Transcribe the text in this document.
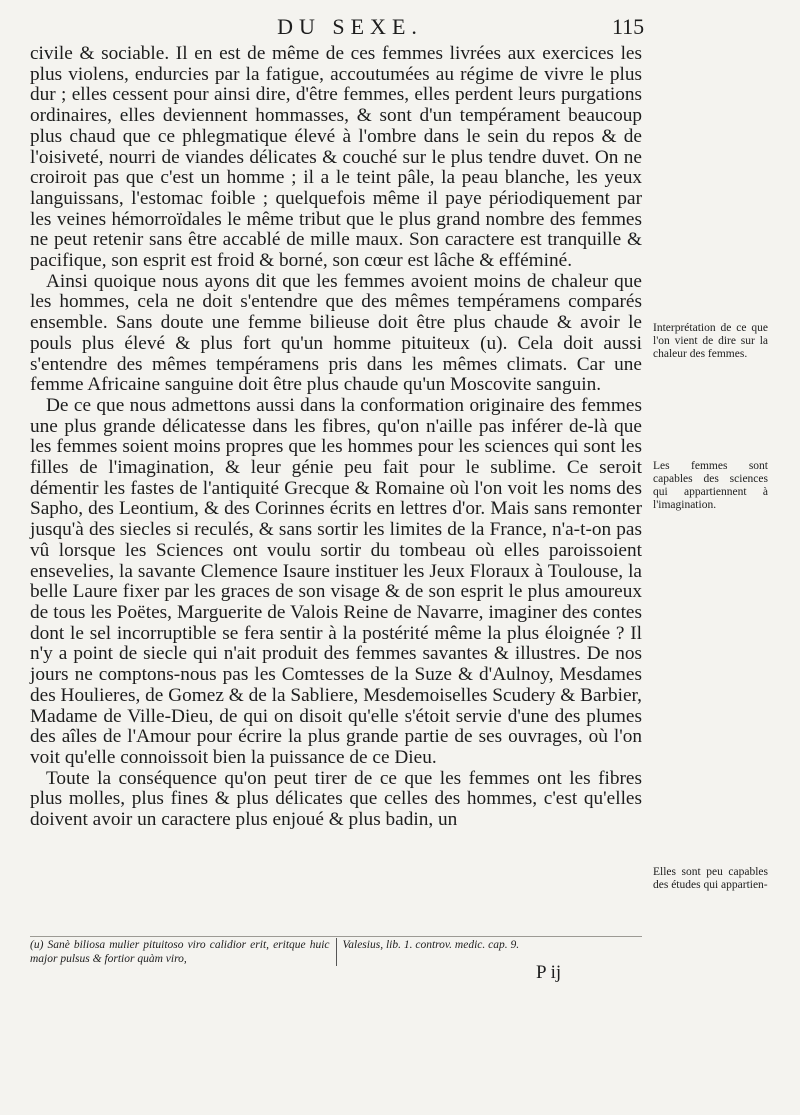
DU SEXE.	115

civile & sociable. Il en est de même de ces femmes livrées aux exercices les plus violens, endurcies par la fatigue, accoutumées au régime de vivre le plus dur ; elles cessent pour ainsi dire, d'être femmes, elles perdent leurs purgations ordinaires, elles deviennent hommasses, & sont d'un tempérament beaucoup plus chaud que ce phlegmatique élevé à l'ombre dans le sein du repos & de l'oisiveté, nourri de viandes délicates & couché sur le plus tendre duvet. On ne croiroit pas que c'est un homme ; il a le teint pâle, la peau blanche, les yeux languissans, l'estomac foible ; quelquefois même il paye périodiquement par les veines hémorroïdales le même tribut que le plus grand nombre des femmes ne peut retenir sans être accablé de mille maux. Son caractere est tranquille & pacifique, son esprit est froid & borné, son cœur est lâche & efféminé.

Ainsi quoique nous ayons dit que les femmes avoient moins de chaleur que les hommes, cela ne doit s'entendre que des mêmes tempéramens comparés ensemble. Sans doute une femme bilieuse doit être plus chaude & avoir le pouls plus élevé & plus fort qu'un homme pituiteux (u). Cela doit aussi s'entendre des mêmes tempéramens pris dans les mêmes climats. Car une femme Africaine sanguine doit être plus chaude qu'un Moscovite sanguin.

De ce que nous admettons aussi dans la conformation originaire des femmes une plus grande délicatesse dans les fibres, qu'on n'aille pas inférer de-là que les femmes soient moins propres que les hommes pour les sciences qui sont les filles de l'imagination, & leur génie peu fait pour le sublime. Ce seroit démentir les fastes de l'antiquité Grecque & Romaine où l'on voit les noms des Sapho, des Leontium, & des Corinnes écrits en lettres d'or. Mais sans remonter jusqu'à des siecles si reculés, & sans sortir les limites de la France, n'a-t-on pas vû lorsque les Sciences ont voulu sortir du tombeau où elles paroissoient ensevelies, la savante Clemence Isaure instituer les Jeux Floraux à Toulouse, la belle Laure fixer par les graces de son visage & de son esprit le plus amoureux de tous les Poëtes, Marguerite de Valois Reine de Navarre, imaginer des contes dont le sel incorruptible se fera sentir à la postérité même la plus éloignée ? Il n'y a point de siecle qui n'ait produit des femmes savantes & illustres. De nos jours ne comptons-nous pas les Comtesses de la Suze & d'Aulnoy, Mesdames des Houlieres, de Gomez & de la Sabliere, Mesdemoiselles Scudery & Barbier, Madame de Ville-Dieu, de qui on disoit qu'elle s'étoit servie d'une des plumes des aîles de l'Amour pour écrire la plus grande partie de ses ouvrages, où l'on voit qu'elle connoissoit bien la puissance de ce Dieu.

Toute la conséquence qu'on peut tirer de ce que les femmes ont les fibres plus molles, plus fines & plus délicates que celles des hommes, c'est qu'elles doivent avoir un caractere plus enjoué & plus badin, un

Interprétation de ce que l'on vient de dire sur la chaleur des femmes.
Les femmes sont capables des sciences qui appartiennent à l'imagination.
Elles sont peu capables des études qui appartien-
(u) Sanè biliosa mulier pituitoso viro calidior erit, eritque huic major pulsus & fortior quàm viro,
Valesius, lib. 1. controv. medic. cap. 9.
P ij
